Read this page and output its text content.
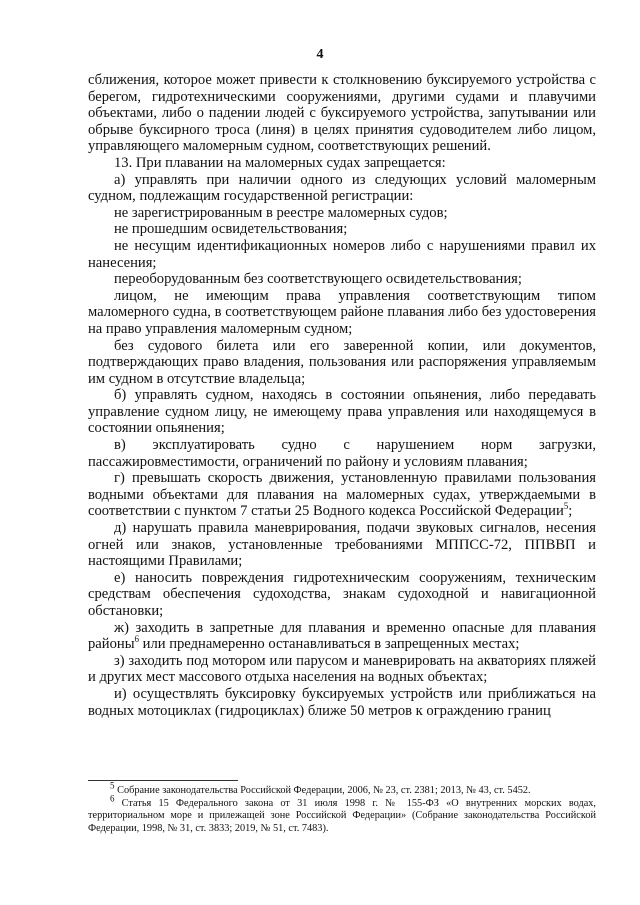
4

сближения, которое может привести к столкновению буксируемого устройства с берегом, гидротехническими сооружениями, другими судами и плавучими объектами, либо о падении людей с буксируемого устройства, запутывании или обрыве буксирного троса (линя) в целях принятия судоводителем либо лицом, управляющего маломерным судном, соответствующих решений.

13. При плавании на маломерных судах запрещается:

а) управлять при наличии одного из следующих условий маломерным судном, подлежащим государственной регистрации:

не зарегистрированным в реестре маломерных судов;

не прошедшим освидетельствования;

не несущим идентификационных номеров либо с нарушениями правил их нанесения;

переоборудованным без соответствующего освидетельствования;

лицом, не имеющим права управления соответствующим типом маломерного судна, в соответствующем районе плавания либо без удостоверения на право управления маломерным судном;

без судового билета или его заверенной копии, или документов, подтверждающих право владения, пользования или распоряжения управляемым им судном в отсутствие владельца;

б) управлять судном, находясь в состоянии опьянения, либо передавать управление судном лицу, не имеющему права управления или находящемуся в состоянии опьянения;

в) эксплуатировать судно с нарушением норм загрузки, пассажировместимости, ограничений по району и условиям плавания;

г) превышать скорость движения, установленную правилами пользования водными объектами для плавания на маломерных судах, утверждаемыми в соответствии с пунктом 7 статьи 25 Водного кодекса Российской Федерации$^5$;

д) нарушать правила маневрирования, подачи звуковых сигналов, несения огней или знаков, установленные требованиями МППСС-72, ППВВП и настоящими Правилами;

е) наносить повреждения гидротехническим сооружениям, техническим средствам обеспечения судоходства, знакам судоходной и навигационной обстановки;

ж) заходить в запретные для плавания и временно опасные для плавания районы$^6$ или преднамеренно останавливаться в запрещенных местах;

з) заходить под мотором или парусом и маневрировать на акваториях пляжей и других мест массового отдыха населения на водных объектах;

и) осуществлять буксировку буксируемых устройств или приближаться на водных мотоциклах (гидроциклах) ближе 50 метров к ограждению границ

$^5$ Собрание законодательства Российской Федерации, 2006, № 23, ст. 2381; 2013, № 43, ст. 5452.

$^6$ Статья 15 Федерального закона от 31 июля 1998 г. № 155-ФЗ «О внутренних морских водах, территориальном море и прилежащей зоне Российской Федерации» (Собрание законодательства Российской Федерации, 1998, № 31, ст. 3833; 2019, № 51, ст. 7483).
